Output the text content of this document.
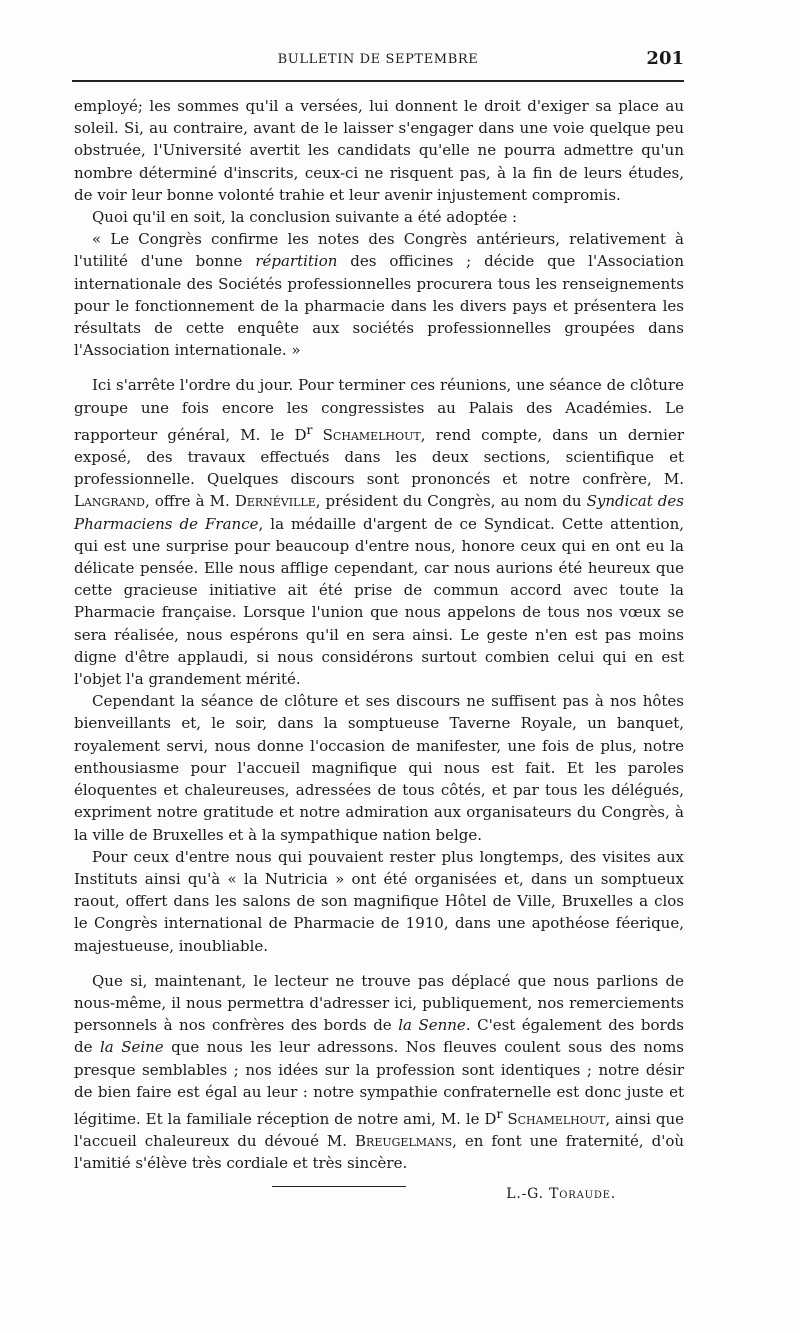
BULLETIN DE SEPTEMBRE	201

employé; les sommes qu'il a versées, lui donnent le droit d'exiger sa place au soleil. Si, au contraire, avant de le laisser s'engager dans une voie quelque peu obstruée, l'Université avertit les candidats qu'elle ne pourra admettre qu'un nombre déterminé d'inscrits, ceux-ci ne risquent pas, à la fin de leurs études, de voir leur bonne volonté trahie et leur avenir injustement compromis.

Quoi qu'il en soit, la conclusion suivante a été adoptée :

« Le Congrès confirme les notes des Congrès antérieurs, relativement à l'utilité d'une bonne répartition des officines ; décide que l'Association internationale des Sociétés professionnelles procurera tous les renseignements pour le fonctionnement de la pharmacie dans les divers pays et présentera les résultats de cette enquête aux sociétés professionnelles groupées dans l'Association internationale. »

Ici s'arrête l'ordre du jour. Pour terminer ces réunions, une séance de clôture groupe une fois encore les congressistes au Palais des Académies. Le rapporteur général, M. le $D^r$ Schamelhout, rend compte, dans un dernier exposé, des travaux effectués dans les deux sections, scientifique et professionnelle. Quelques discours sont prononcés et notre confrère, M. Langrand, offre à M. Dernéville, président du Congrès, au nom du Syndicat des Pharmaciens de France, la médaille d'argent de ce Syndicat. Cette attention, qui est une surprise pour beaucoup d'entre nous, honore ceux qui en ont eu la délicate pensée. Elle nous afflige cependant, car nous aurions été heureux que cette gracieuse initiative ait été prise de commun accord avec toute la Pharmacie française. Lorsque l'union que nous appelons de tous nos vœux se sera réalisée, nous espérons qu'il en sera ainsi. Le geste n'en est pas moins digne d'être applaudi, si nous considérons surtout combien celui qui en est l'objet l'a grandement mérité.

Cependant la séance de clôture et ses discours ne suffisent pas à nos hôtes bienveillants et, le soir, dans la somptueuse Taverne Royale, un banquet, royalement servi, nous donne l'occasion de manifester, une fois de plus, notre enthousiasme pour l'accueil magnifique qui nous est fait. Et les paroles éloquentes et chaleureuses, adressées de tous côtés, et par tous les délégués, expriment notre gratitude et notre admiration aux organisateurs du Congrès, à la ville de Bruxelles et à la sympathique nation belge.

Pour ceux d'entre nous qui pouvaient rester plus longtemps, des visites aux Instituts ainsi qu'à « la Nutricia » ont été organisées et, dans un somptueux raout, offert dans les salons de son magnifique Hôtel de Ville, Bruxelles a clos le Congrès international de Pharmacie de 1910, dans une apothéose féerique, majestueuse, inoubliable.

Que si, maintenant, le lecteur ne trouve pas déplacé que nous parlions de nous-même, il nous permettra d'adresser ici, publiquement, nos remerciements personnels à nos confrères des bords de la Senne. C'est également des bords de la Seine que nous les leur adressons. Nos fleuves coulent sous des noms presque semblables ; nos idées sur la profession sont identiques ; notre désir de bien faire est égal au leur : notre sympathie confraternelle est donc juste et légitime. Et la familiale réception de notre ami, M. le $D^r$ Schamelhout, ainsi que l'accueil chaleureux du dévoué M. Breugelmans, en font une fraternité, d'où l'amitié s'élève très cordiale et très sincère.

L.-G. Toraude.
